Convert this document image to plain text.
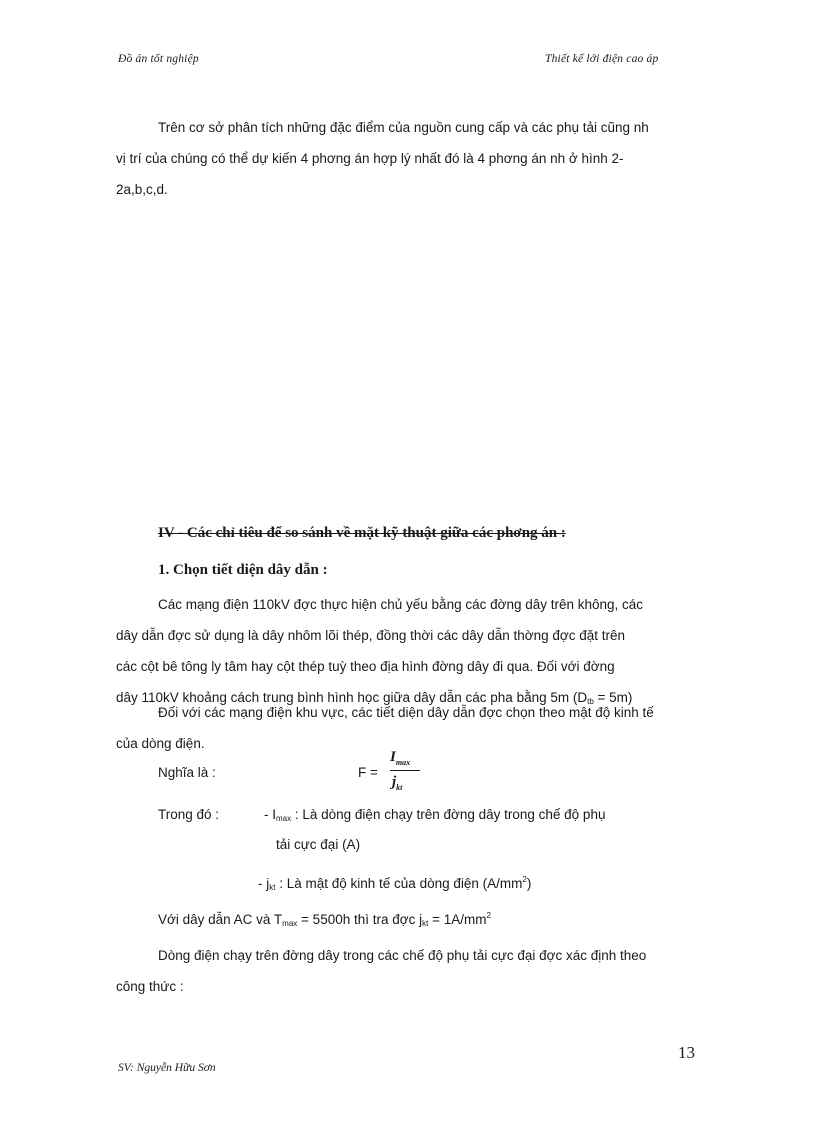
Đồ án tốt nghiệp	Thiết kế lới điện cao áp
Trên cơ sở phân tích những đặc điểm của nguồn cung cấp và các phụ tải cũng nh
vị trí của chúng có thể dự kiến 4 phơng án hợp lý nhất đó là 4 phơng án nh ở hình 2-
2a,b,c,d.
IV - Các chỉ tiêu để so sánh về mặt kỹ thuật giữa các phơng án :
1. Chọn tiết diện dây dẫn :
Các mạng điện 110kV đợc thực hiện chủ yếu bằng các đờng dây trên không, các
dây dẫn đợc sử dụng là dây nhôm lõi thép, đồng thời các dây dẫn thờng đợc đặt trên
các cột bê tông ly tâm hay cột thép tuỳ theo địa hình đờng dây đi qua. Đối với đờng
dây 110kV khoảng cách trung bình hình học giữa dây dẫn các pha bằng 5m $(D_{tb} = 5m)$
Đối với các mạng điện khu vực, các tiết diện dây dẫn đợc chọn theo mật độ kinh tế
của dòng điện.
Nghĩa là :	F =
$I_{max}$
$j_{kt}$
Trong đó :	- $I_{max}$ : Là dòng điện chạy trên đờng dây trong chế độ phụ
tải cực đại (A)
- $j_{kt}$ : Là mật độ kinh tế của dòng điện $(A/mm^2)$
Với dây dẫn AC và $T_{max} = 5500h$ thì tra đợc $j_{kt} = 1A/mm^2$
Dòng điện chạy trên đờng dây trong các chế độ phụ tải cực đại đợc xác định theo
công thức :
13
SV: Nguyễn Hữu Sơn
